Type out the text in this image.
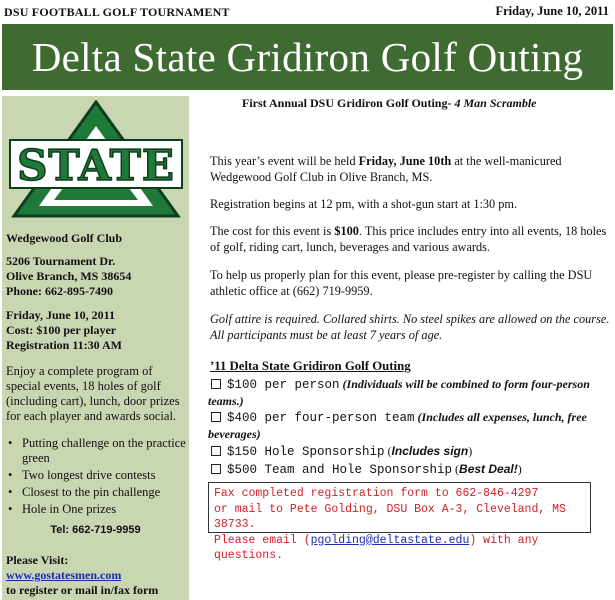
DSU FOOTBALL GOLF TOURNAMENT	Friday, June 10, 2011
Delta State Gridiron Golf Outing
STATE
Wedgewood Golf Club
5206 Tournament Dr.
Olive Branch, MS 38654
Phone: 662-895-7490
Friday, June 10, 2011
Cost: $100 per player
Registration 11:30 AM
Enjoy a complete program of special events, 18 holes of golf (including cart), lunch, door prizes for each player and awards social.
• Putting challenge on the practice green
• Two longest drive contests
• Closest to the pin challenge
• Hole in One prizes
Tel: 662-719-9959
Please Visit:
www.gostatesmen.com
to register or mail in/fax form
First Annual DSU Gridiron Golf Outing- 4 Man Scramble
This year’s event will be held Friday, June 10th at the well-manicured Wedgewood Golf Club in Olive Branch, MS.
Registration begins at 12 pm, with a shot-gun start at 1:30 pm.
The cost for this event is $100. This price includes entry into all events, 18 holes of golf, riding cart, lunch, beverages and various awards.
To help us properly plan for this event, please pre-register by calling the DSU athletic office at (662) 719-9959.
Golf attire is required. Collared shirts. No steel spikes are allowed on the course. All participants must be at least 7 years of age.
’11 Delta State Gridiron Golf Outing
$100 per person (Individuals will be combined to form four-person teams.)
$400 per four-person team (Includes all expenses, lunch, free beverages)
$150 Hole Sponsorship (Includes sign)
$500 Team and Hole Sponsorship (Best Deal!)
Fax completed registration form to 662-846-4297
or mail to Pete Golding, DSU Box A-3, Cleveland, MS 38733.
Please email (pgolding@deltastate.edu) with any questions.
